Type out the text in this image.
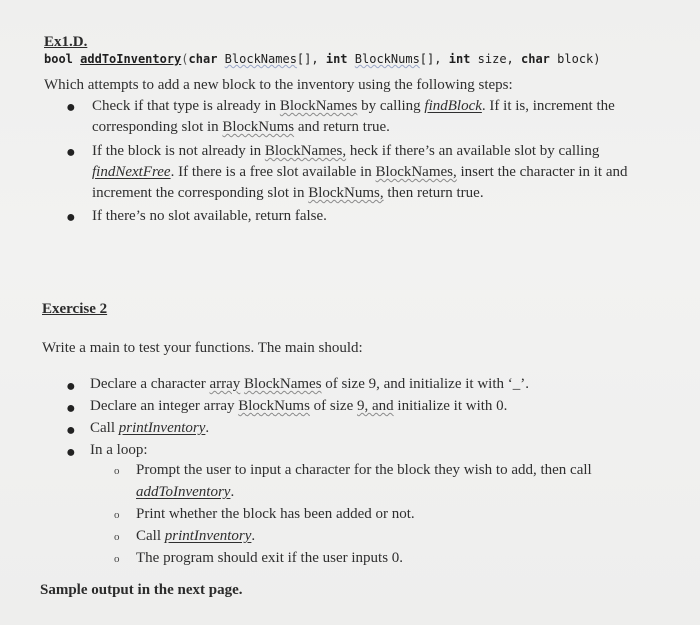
Ex1.D.
bool addToInventory(char BlockNames[], int BlockNums[], int size, char block)
Which attempts to add a new block to the inventory using the following steps:
● Check if that type is already in BlockNames by calling findBlock. If it is, increment the
corresponding slot in BlockNums and return true.
● If the block is not already in BlockNames, heck if there’s an available slot by calling
findNextFree. If there is a free slot available in BlockNames, insert the character in it and
increment the corresponding slot in BlockNums, then return true.
● If there’s no slot available, return false.
Exercise 2
Write a main to test your functions. The main should:
● Declare a character array BlockNames of size 9, and initialize it with ‘_’.
● Declare an integer array BlockNums of size 9, and initialize it with 0.
● Call printInventory.
● In a loop:
o Prompt the user to input a character for the block they wish to add, then call
addToInventory.
o Print whether the block has been added or not.
o Call printInventory.
o The program should exit if the user inputs 0.
Sample output in the next page.
